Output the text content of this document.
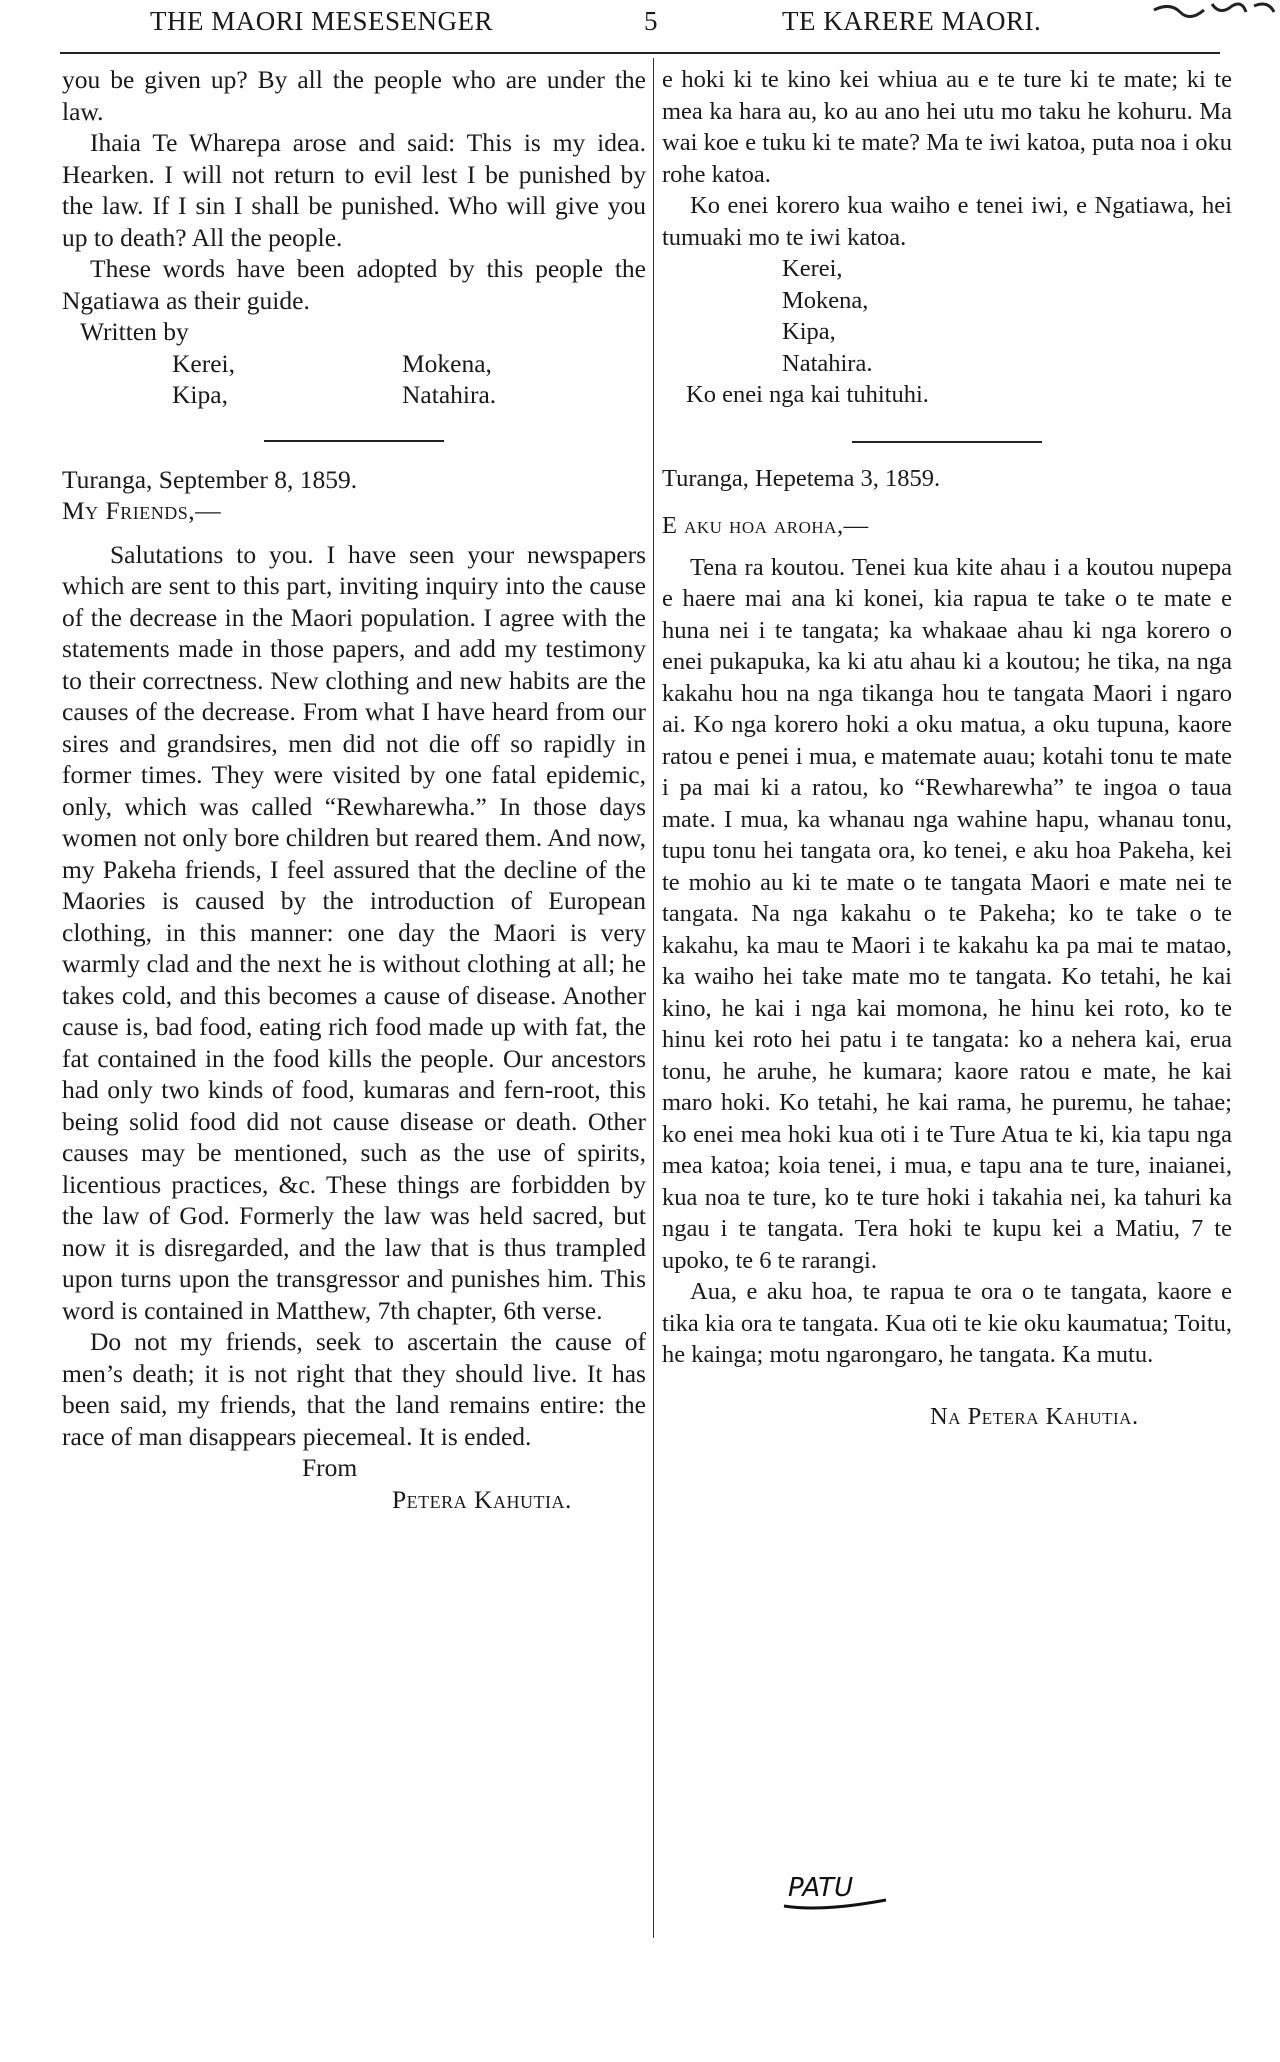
THE MAORI MESESENGER	5	TE KARERE MAORI.

you be given up? By all the people who are under the law.

Ihaia Te Wharepa arose and said: This is my idea. Hearken. I will not return to evil lest I be punished by the law. If I sin I shall be punished. Who will give you up to death? All the people.

These words have been adopted by this people the Ngatiawa as their guide.

Written by

Kerei,	Mokena,
Kipa,	Natahira.

Turanga, September 8, 1859.

My Friends,—

Salutations to you. I have seen your newspapers which are sent to this part, inviting inquiry into the cause of the decrease in the Maori population. I agree with the statements made in those papers, and add my testimony to their correctness. New clothing and new habits are the causes of the decrease. From what I have heard from our sires and grandsires, men did not die off so rapidly in former times. They were visited by one fatal epidemic, only, which was called “Rewharewha.” In those days women not only bore children but reared them. And now, my Pakeha friends, I feel assured that the decline of the Maories is caused by the introduction of European clothing, in this manner: one day the Maori is very warmly clad and the next he is without clothing at all; he takes cold, and this becomes a cause of disease. Another cause is, bad food, eating rich food made up with fat, the fat contained in the food kills the people. Our ancestors had only two kinds of food, kumaras and fern-root, this being solid food did not cause disease or death. Other causes may be mentioned, such as the use of spirits, licentious practices, &c. These things are forbidden by the law of God. Formerly the law was held sacred, but now it is disregarded, and the law that is thus trampled upon turns upon the transgressor and punishes him. This word is contained in Matthew, 7th chapter, 6th verse.

Do not my friends, seek to ascertain the cause of men’s death; it is not right that they should live. It has been said, my friends, that the land remains entire: the race of man disappears piecemeal. It is ended.

From

Petera Kahutia.

e hoki ki te kino kei whiua au e te ture ki te mate; ki te mea ka hara au, ko au ano hei utu mo taku he kohuru. Ma wai koe e tuku ki te mate? Ma te iwi katoa, puta noa i oku rohe katoa.

Ko enei korero kua waiho e tenei iwi, e Ngatiawa, hei tumuaki mo te iwi katoa.

Kerei,

Mokena,

Kipa,

Natahira.

Ko enei nga kai tuhituhi.

Turanga, Hepetema 3, 1859.

E aku hoa aroha,—

Tena ra koutou. Tenei kua kite ahau i a koutou nupepa e haere mai ana ki konei, kia rapua te take o te mate e huna nei i te tangata; ka whakaae ahau ki nga korero o enei pukapuka, ka ki atu ahau ki a koutou; he tika, na nga kakahu hou na nga tikanga hou te tangata Maori i ngaro ai. Ko nga korero hoki a oku matua, a oku tupuna, kaore ratou e penei i mua, e matemate auau; kotahi tonu te mate i pa mai ki a ratou, ko “Rewharewha” te ingoa o taua mate. I mua, ka whanau nga wahine hapu, whanau tonu, tupu tonu hei tangata ora, ko tenei, e aku hoa Pakeha, kei te mohio au ki te mate o te tangata Maori e mate nei te tangata. Na nga kakahu o te Pakeha; ko te take o te kakahu, ka mau te Maori i te kakahu ka pa mai te matao, ka waiho hei take mate mo te tangata. Ko tetahi, he kai kino, he kai i nga kai momona, he hinu kei roto, ko te hinu kei roto hei patu i te tangata: ko a nehera kai, erua tonu, he aruhe, he kumara; kaore ratou e mate, he kai maro hoki. Ko tetahi, he kai rama, he puremu, he tahae; ko enei mea hoki kua oti i te Ture Atua te ki, kia tapu nga mea katoa; koia tenei, i mua, e tapu ana te ture, inaianei, kua noa te ture, ko te ture hoki i takahia nei, ka tahuri ka ngau i te tangata. Tera hoki te kupu kei a Matiu, 7 te upoko, te 6 te rarangi.

Aua, e aku hoa, te rapua te ora o te tangata, kaore e tika kia ora te tangata. Kua oti te kie oku kaumatua; Toitu, he kainga; motu ngarongaro, he tangata. Ka mutu.

Na Petera Kahutia.

PATU
